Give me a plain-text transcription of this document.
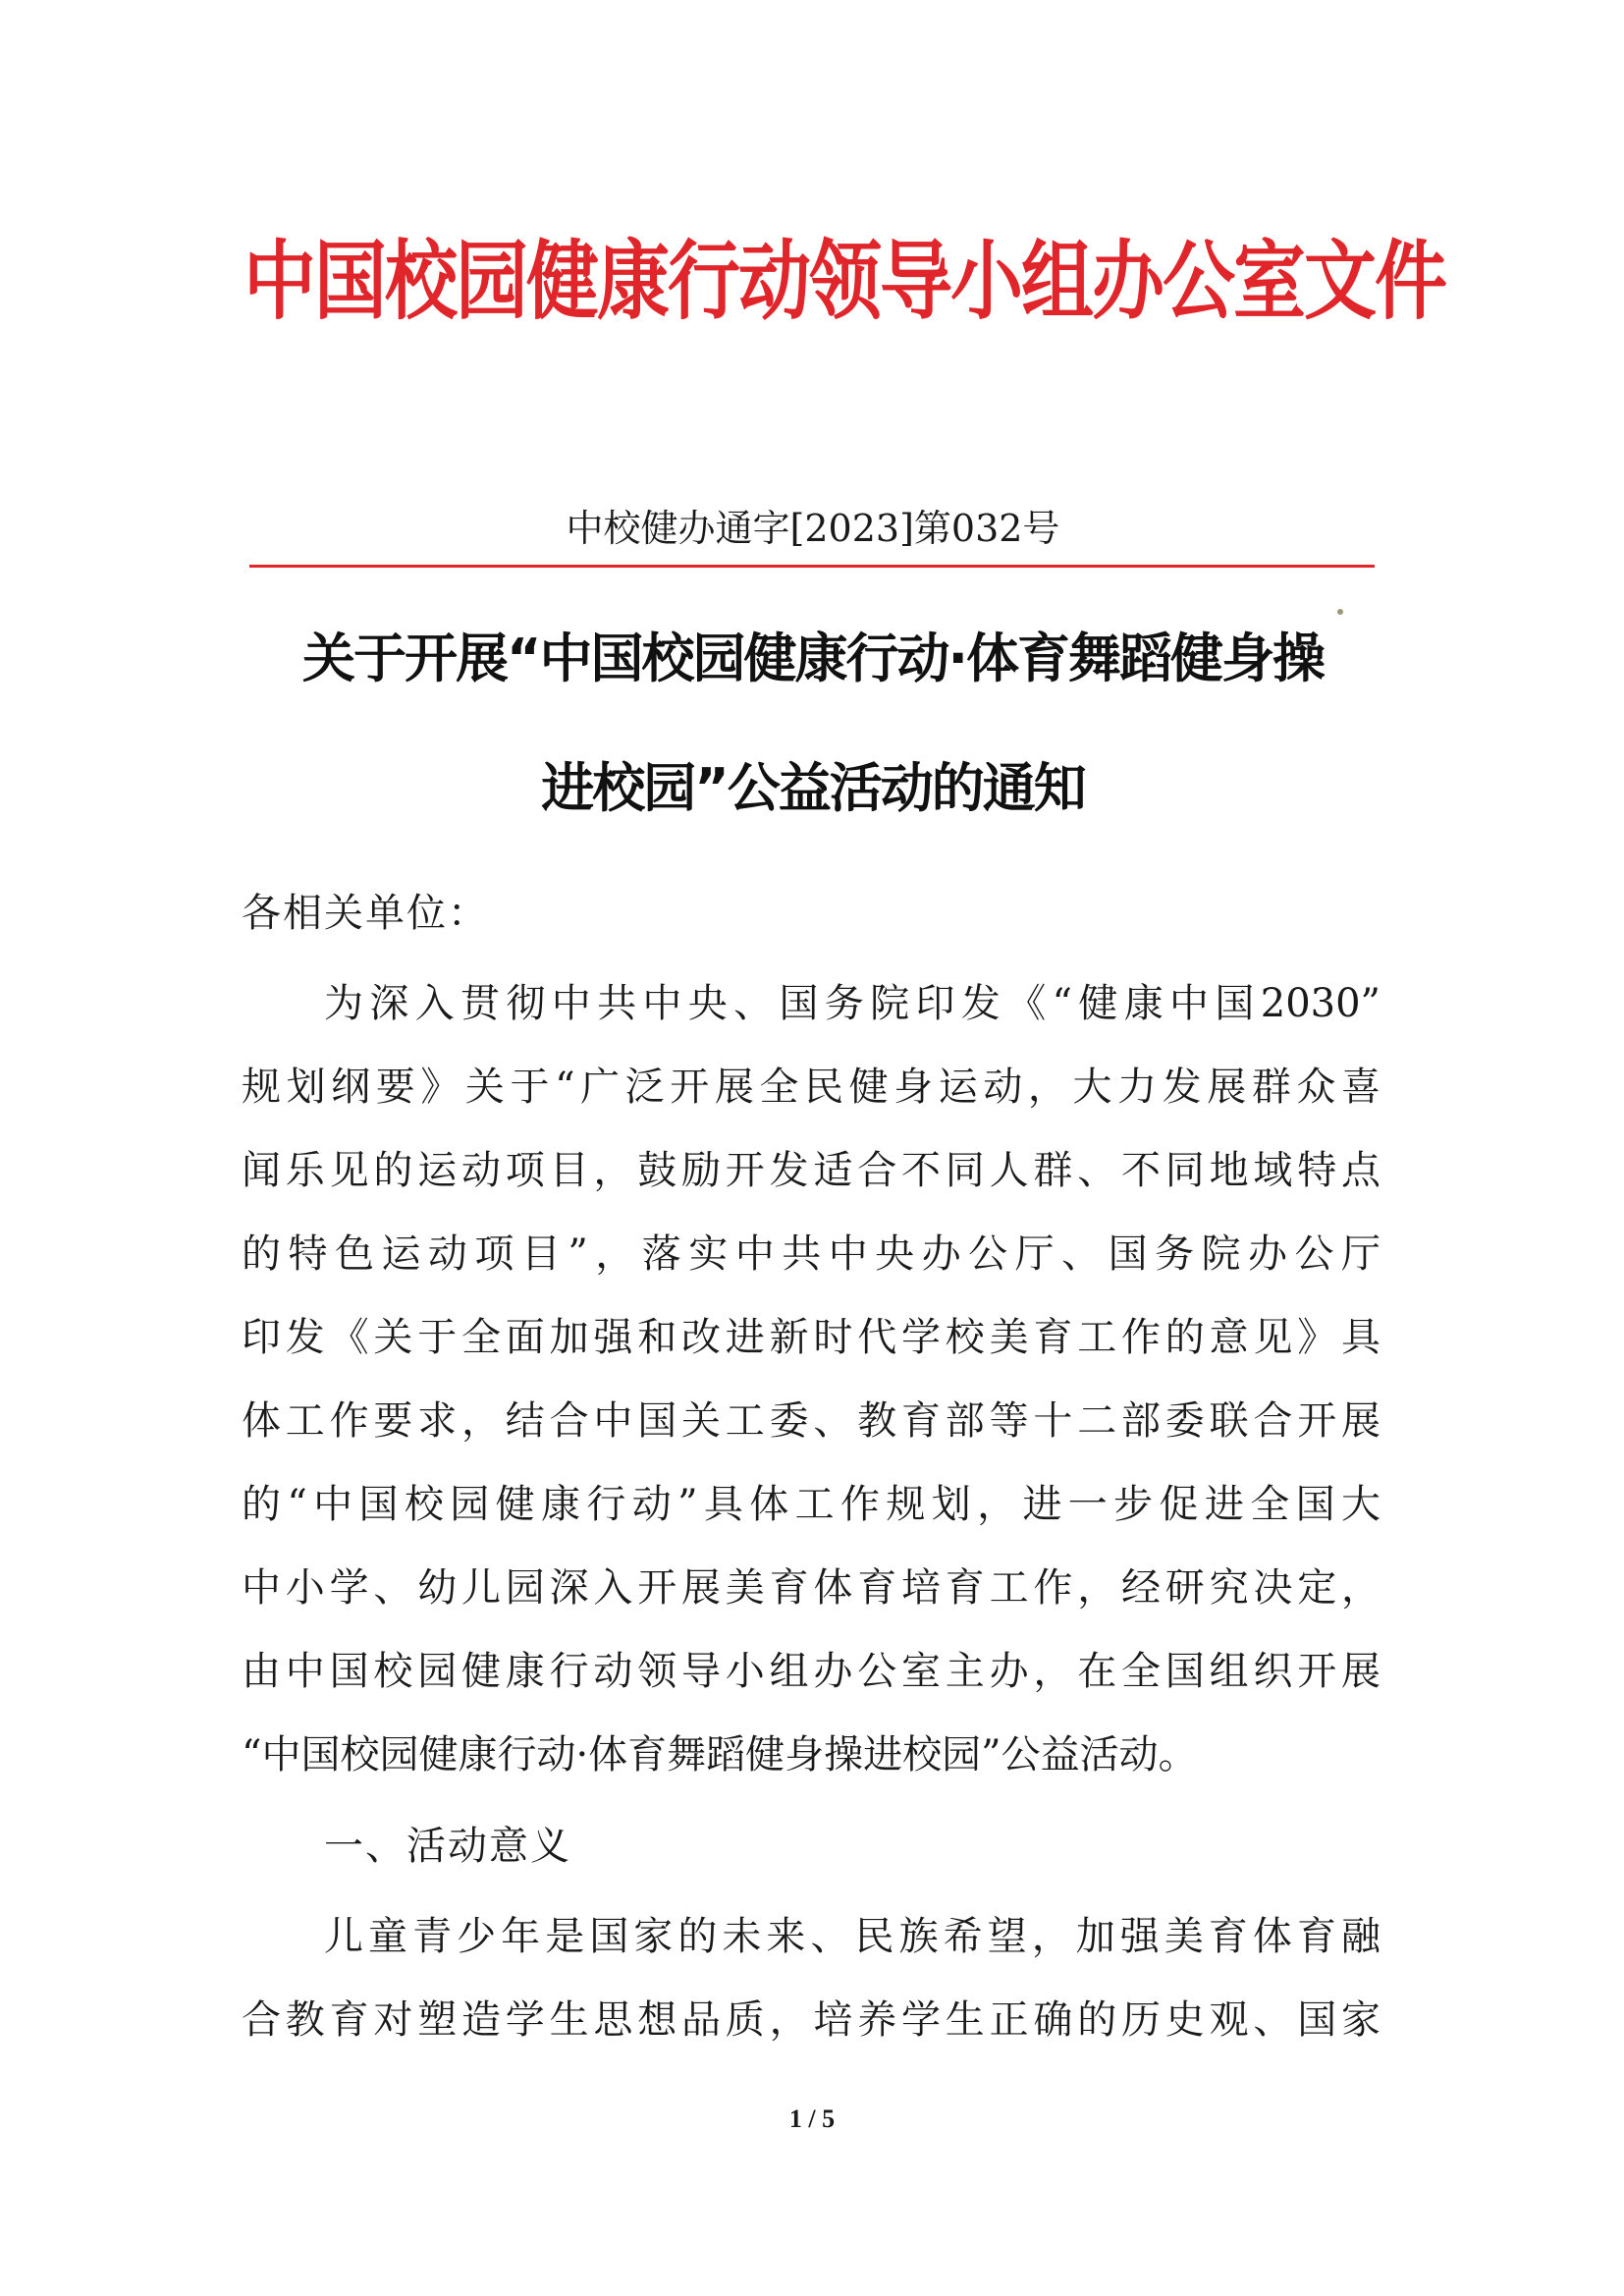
中国校园健康行动领导小组办公室文件
中校健办通字[2023]第032号
关于开展“中国校园健康行动·体育舞蹈健身操
进校园”公益活动的通知
各相关单位：
为深入贯彻中共中央、国务院印发《“健康中国2030”
规划纲要》关于“广泛开展全民健身运动，大力发展群众喜
闻乐见的运动项目，鼓励开发适合不同人群、不同地域特点
的特色运动项目”，落实中共中央办公厅、国务院办公厅
印发《关于全面加强和改进新时代学校美育工作的意见》具
体工作要求，结合中国关工委、教育部等十二部委联合开展
的“中国校园健康行动”具体工作规划，进一步促进全国大
中小学、幼儿园深入开展美育体育培育工作，经研究决定，
由中国校园健康行动领导小组办公室主办，在全国组织开展
“中国校园健康行动·体育舞蹈健身操进校园”公益活动。
一、活动意义
儿童青少年是国家的未来、民族希望，加强美育体育融
合教育对塑造学生思想品质，培养学生正确的历史观、国家
1 / 5
